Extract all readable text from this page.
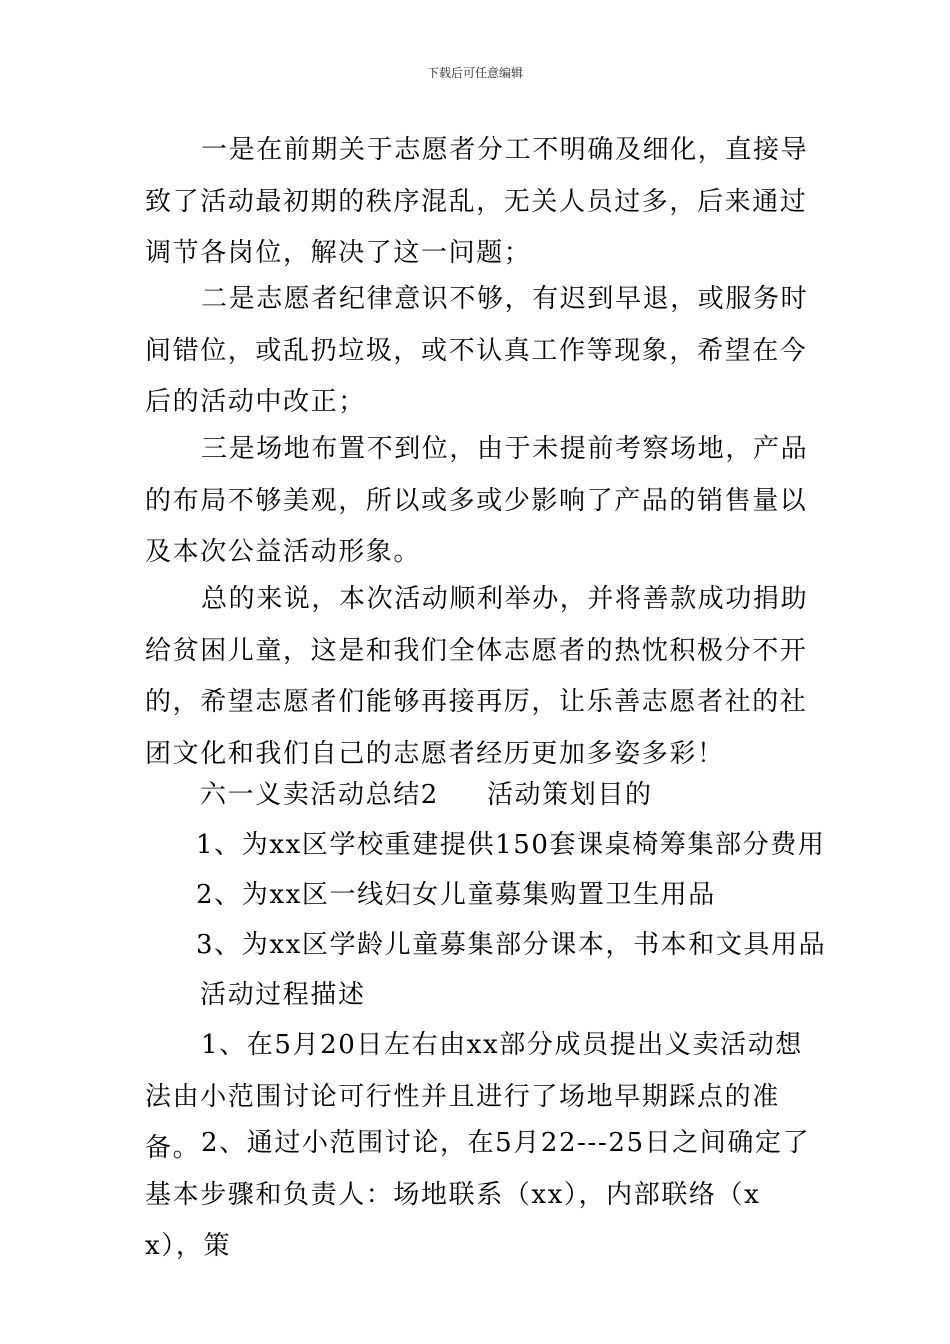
下载后可任意编辑

一是在前期关于志愿者分工不明确及细化，直接导致了活动最初期的秩序混乱，无关人员过多，后来通过调节各岗位，解决了这一问题；

二是志愿者纪律意识不够，有迟到早退，或服务时间错位，或乱扔垃圾，或不认真工作等现象，希望在今后的活动中改正；

三是场地布置不到位，由于未提前考察场地，产品的布局不够美观，所以或多或少影响了产品的销售量以及本次公益活动形象。

总的来说，本次活动顺利举办，并将善款成功捐助给贫困儿童，这是和我们全体志愿者的热忱积极分不开的，希望志愿者们能够再接再厉，让乐善志愿者社的社团文化和我们自己的志愿者经历更加多姿多彩！

六一义卖活动总结2 活动策划目的
1、为xx区学校重建提供150套课桌椅筹集部分费用
2、为xx区一线妇女儿童募集购置卫生用品
3、为xx区学龄儿童募集部分课本，书本和文具用品
活动过程描述

1、在5月20日左右由xx部分成员提出义卖活动想法由小范围讨论可行性并且进行了场地早期踩点的准备。 2、通过小范围讨论，在5月22---25日之间确定了基本步骤和负责人：场地联系（xx），内部联络（xx），策
